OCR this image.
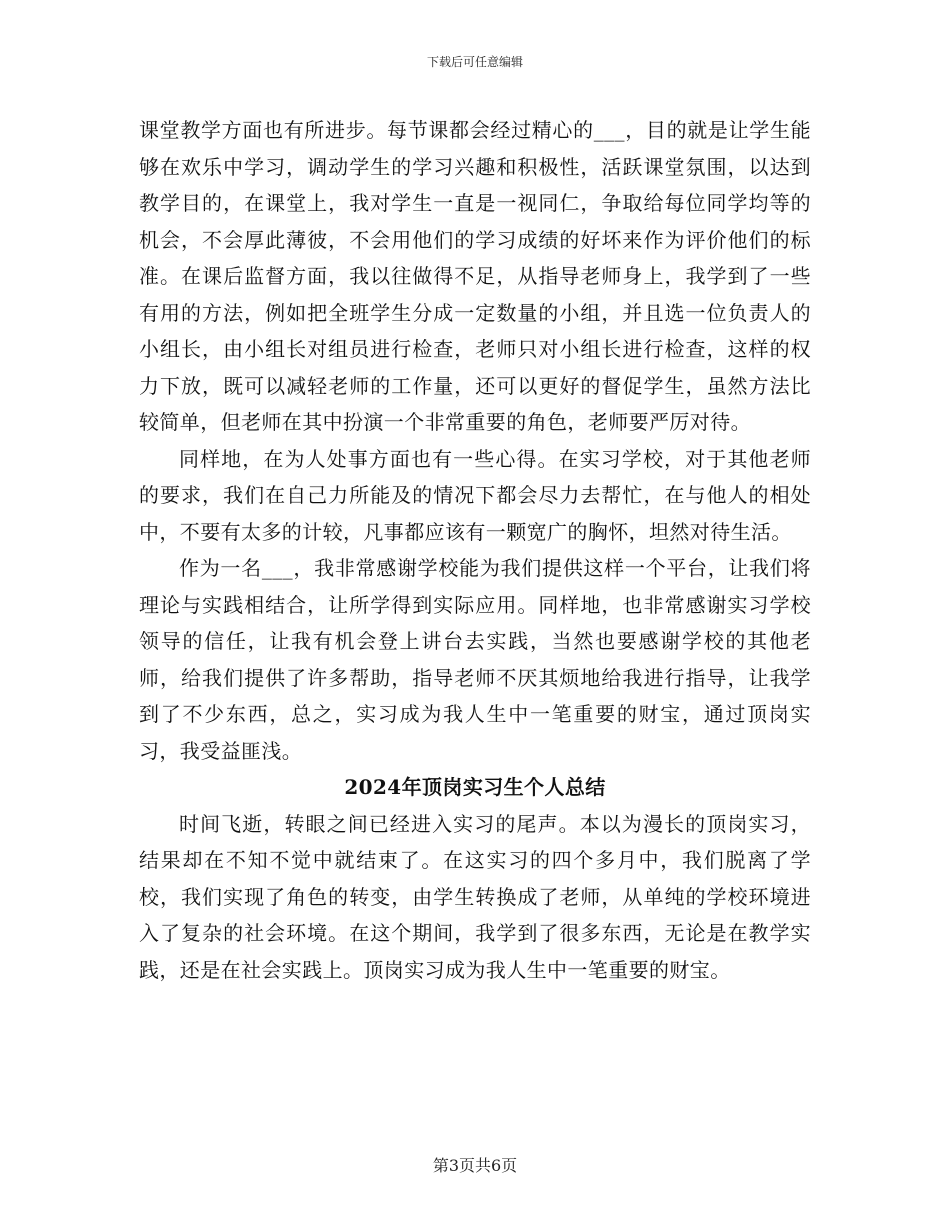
下载后可任意编辑

课堂教学方面也有所进步。每节课都会经过精心的___，目的就是让学生能够在欢乐中学习，调动学生的学习兴趣和积极性，活跃课堂氛围，以达到教学目的，在课堂上，我对学生一直是一视同仁，争取给每位同学均等的机会，不会厚此薄彼，不会用他们的学习成绩的好坏来作为评价他们的标准。在课后监督方面，我以往做得不足，从指导老师身上，我学到了一些有用的方法，例如把全班学生分成一定数量的小组，并且选一位负责人的小组长，由小组长对组员进行检查，老师只对小组长进行检查，这样的权力下放，既可以减轻老师的工作量，还可以更好的督促学生，虽然方法比较简单，但老师在其中扮演一个非常重要的角色，老师要严厉对待。

同样地，在为人处事方面也有一些心得。在实习学校，对于其他老师的要求，我们在自己力所能及的情况下都会尽力去帮忙，在与他人的相处中，不要有太多的计较，凡事都应该有一颗宽广的胸怀，坦然对待生活。

作为一名___，我非常感谢学校能为我们提供这样一个平台，让我们将理论与实践相结合，让所学得到实际应用。同样地，也非常感谢实习学校领导的信任，让我有机会登上讲台去实践，当然也要感谢学校的其他老师，给我们提供了许多帮助，指导老师不厌其烦地给我进行指导，让我学到了不少东西，总之，实习成为我人生中一笔重要的财宝，通过顶岗实习，我受益匪浅。

2024年顶岗实习生个人总结

时间飞逝，转眼之间已经进入实习的尾声。本以为漫长的顶岗实习，结果却在不知不觉中就结束了。在这实习的四个多月中，我们脱离了学校，我们实现了角色的转变，由学生转换成了老师，从单纯的学校环境进入了复杂的社会环境。在这个期间，我学到了很多东西，无论是在教学实践，还是在社会实践上。顶岗实习成为我人生中一笔重要的财宝。

第3页共6页
